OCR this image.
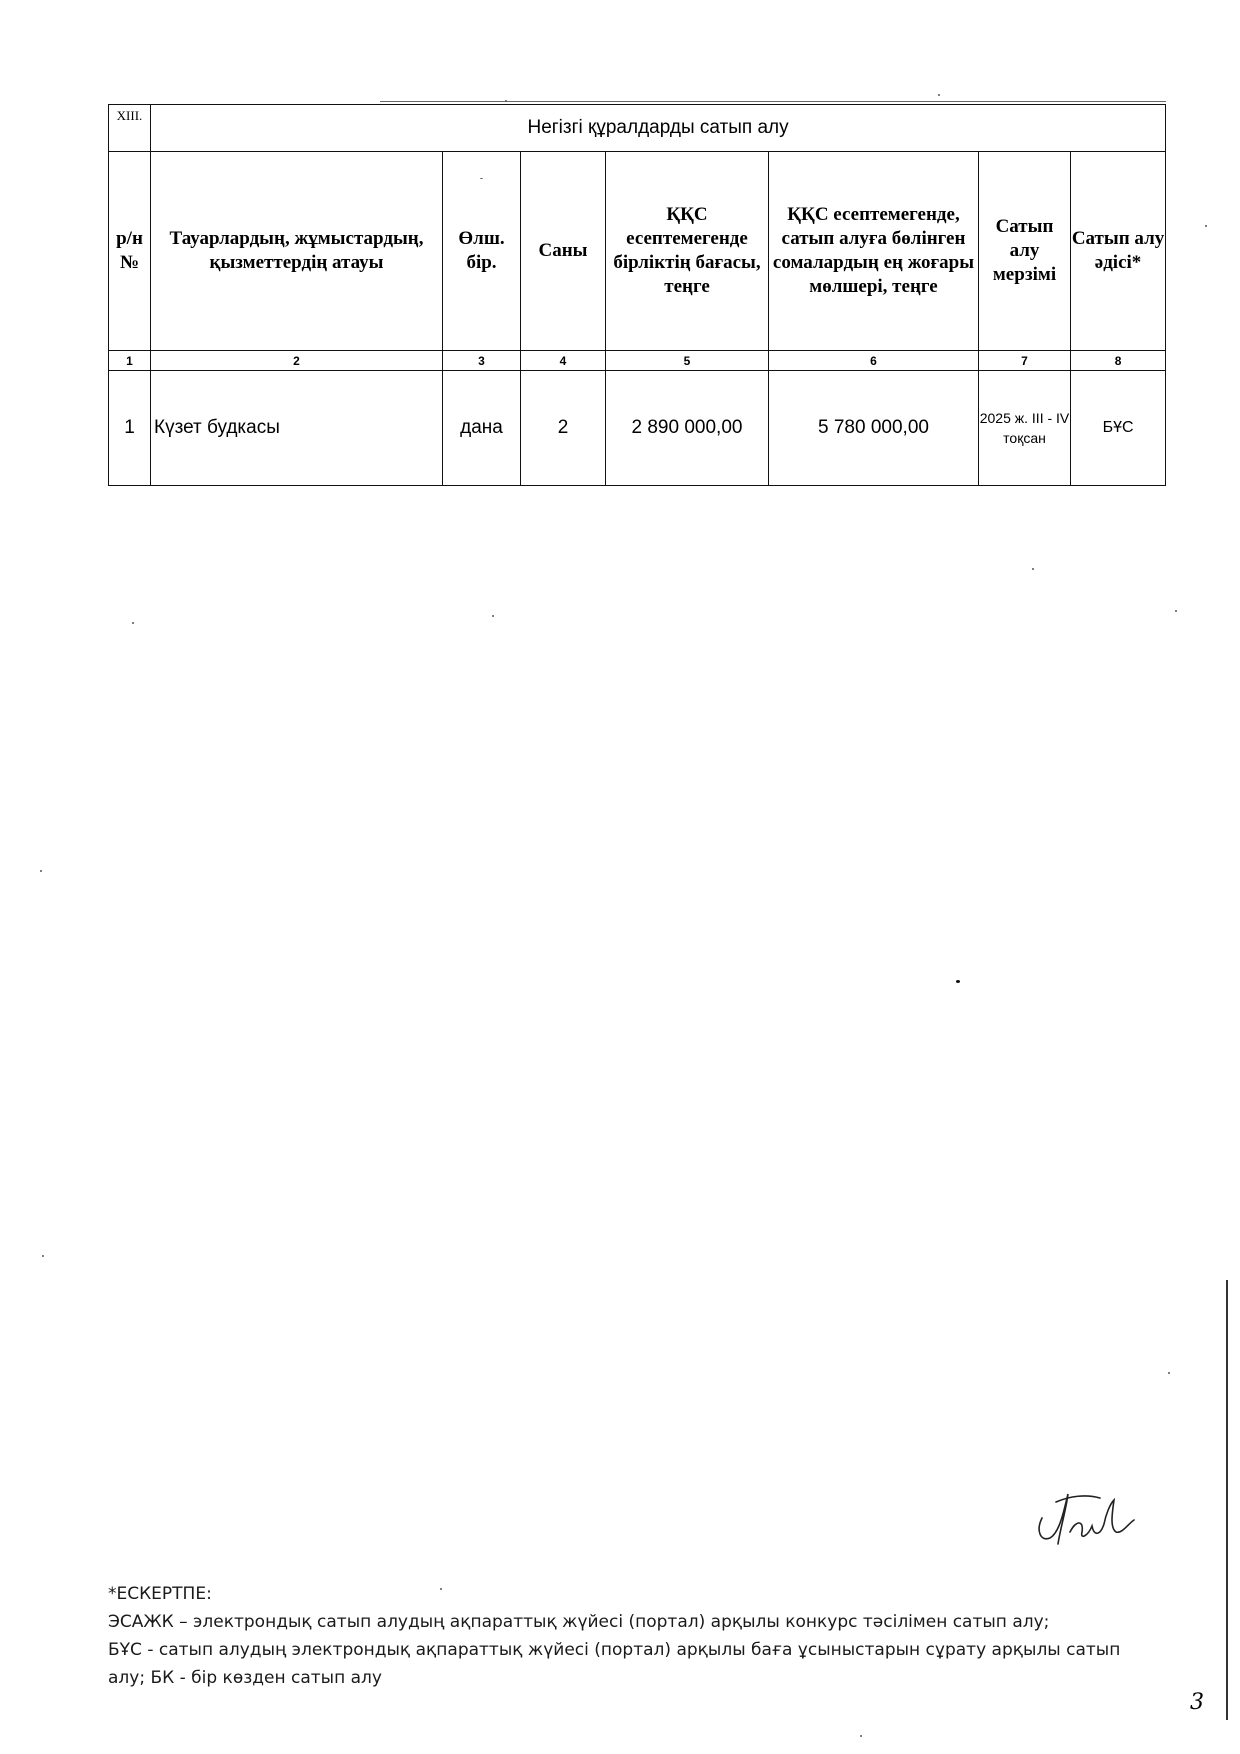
XIII.	Негізгі құралдарды сатып алу						
р/н №	Тауарлардың, жұмыстардың, қызметтердің атауы	Өлш. бір.	Саны	ҚҚС есептемегенде бірліктің бағасы, теңге	ҚҚС есептемегенде, сатып алуға бөлінген сомалардың ең жоғары мөлшері, теңге	Сатып алу мерзімі	Сатып алу әдісі*
1	2	3	4	5	6	7	8
1	Күзет будкасы	дана	2	2 890 000,00	5 780 000,00	2025 ж. III - IV тоқсан	БҰС

*ЕСКЕРТПЕ:

ЭСАЖК – электрондық сатып алудың ақпараттық жүйесі (портал) арқылы конкурс тәсілімен сатып алу;

БҰС - сатып алудың электрондық ақпараттық жүйесі (портал) арқылы баға ұсыныстарын сұрату арқылы сатып алу; БК - бір көзден сатып алу

3
